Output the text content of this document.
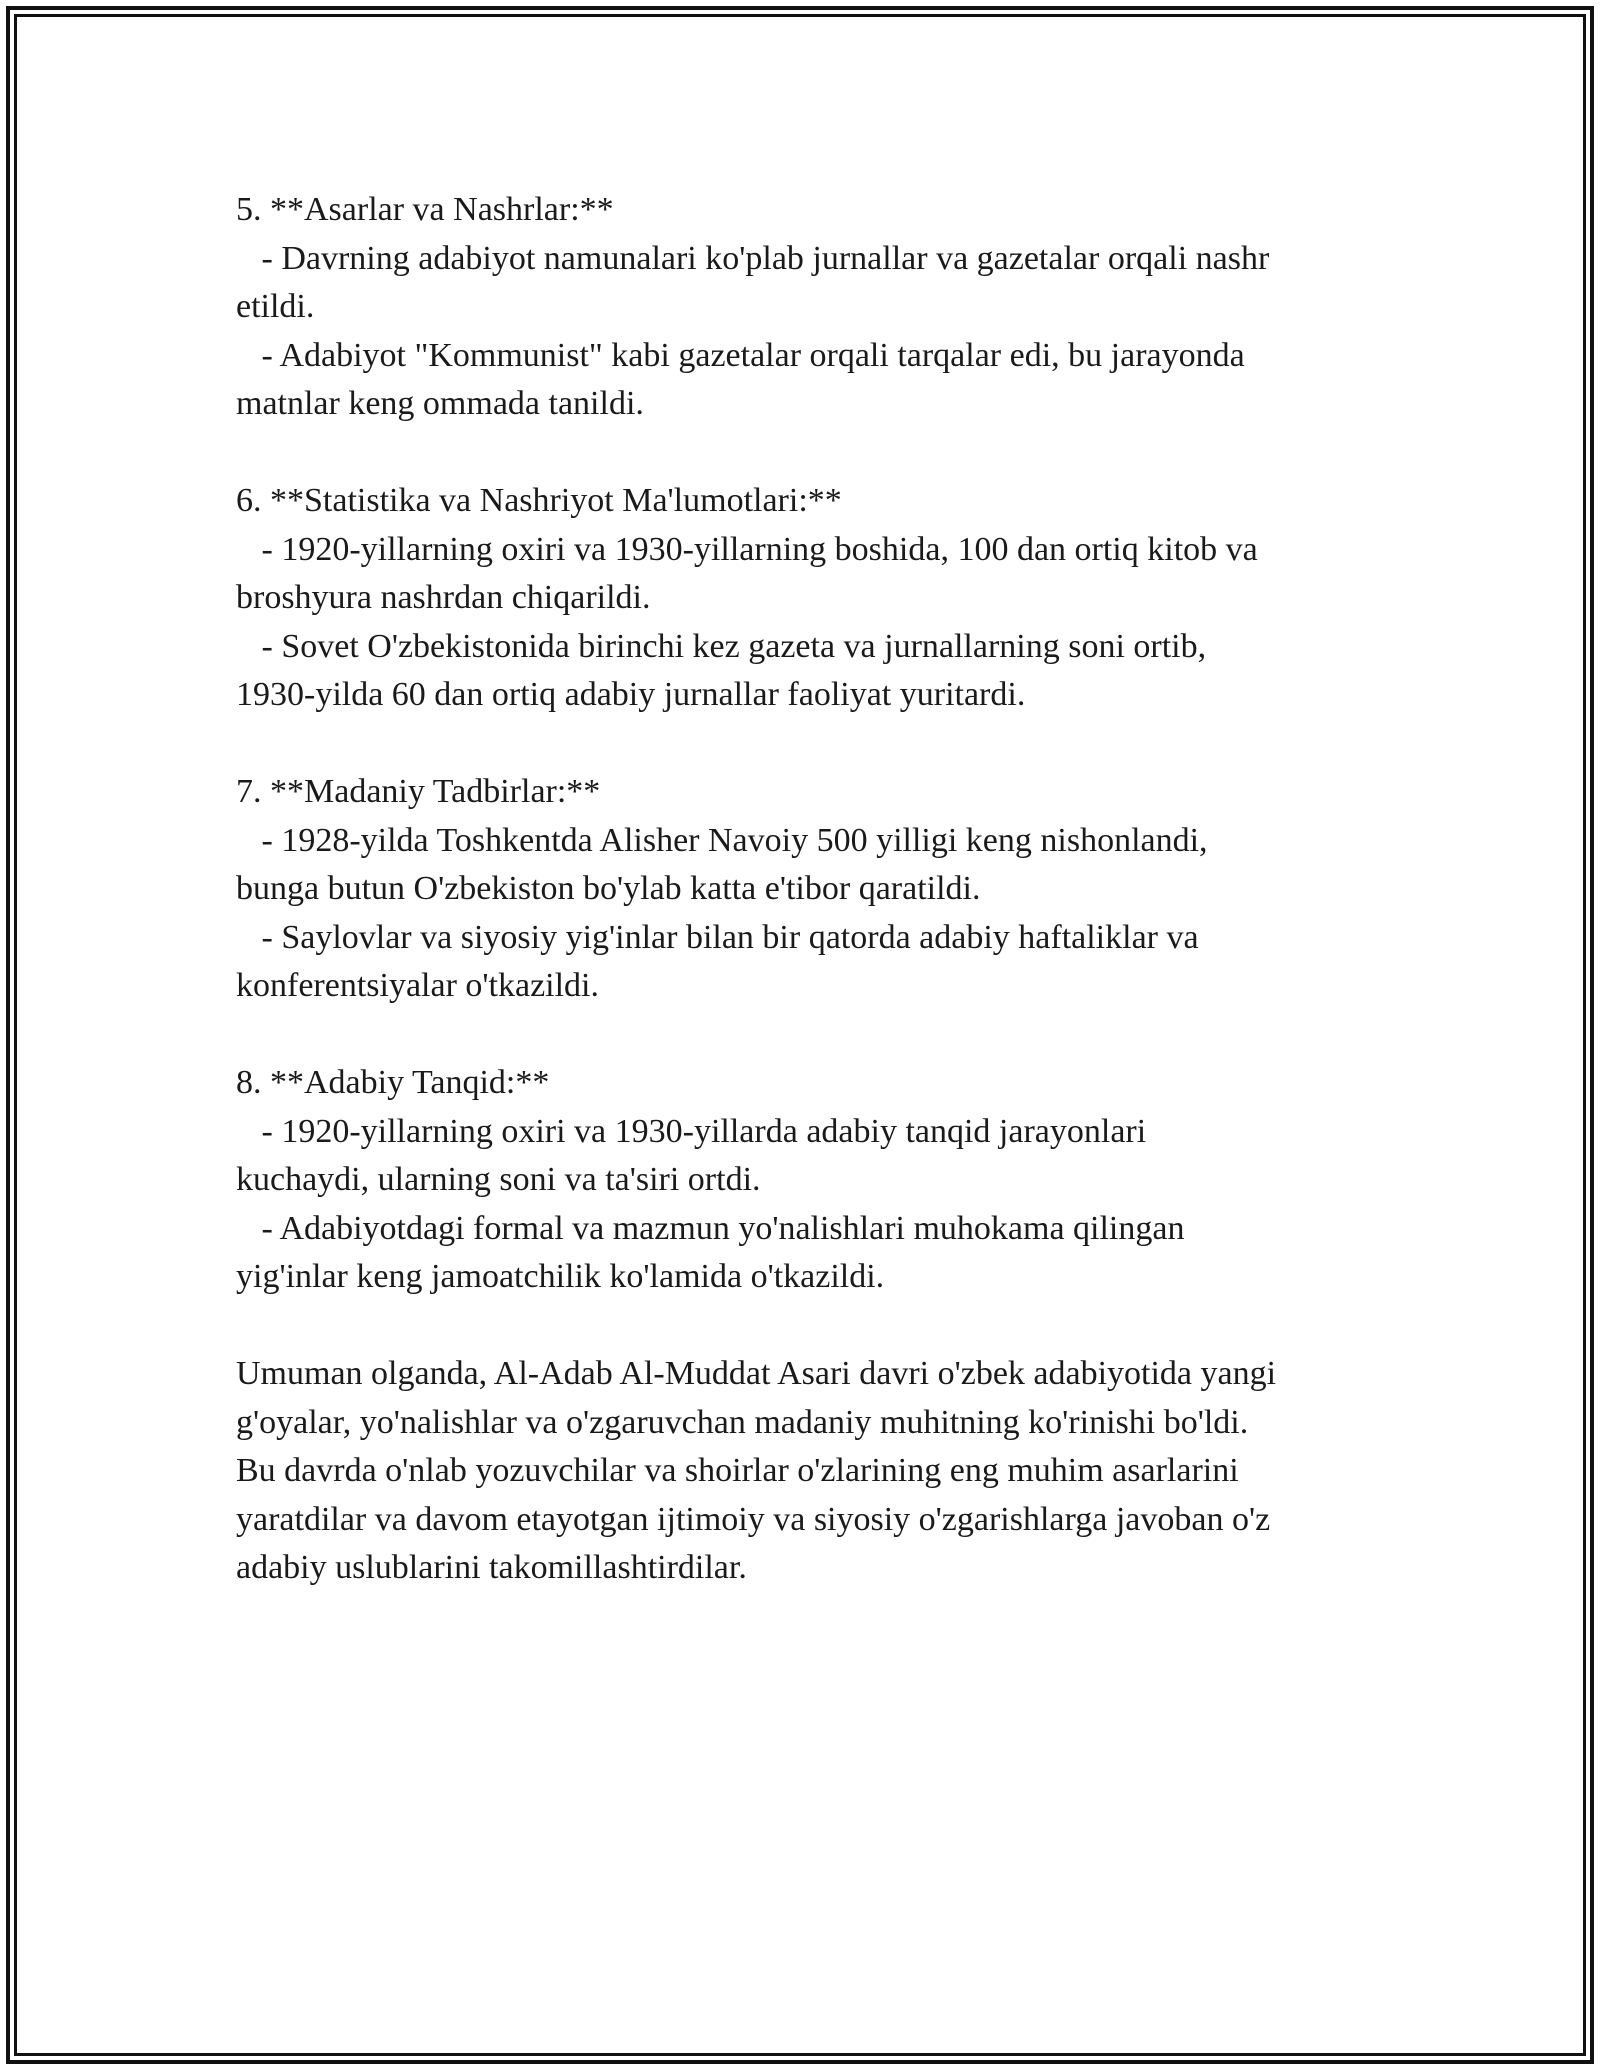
5. **Asarlar va Nashrlar:**
- Davrning adabiyot namunalari ko'plab jurnallar va gazetalar orqali nashr
etildi.
- Adabiyot "Kommunist" kabi gazetalar orqali tarqalar edi, bu jarayonda
matnlar keng ommada tanildi.
6. **Statistika va Nashriyot Ma'lumotlari:**
- 1920-yillarning oxiri va 1930-yillarning boshida, 100 dan ortiq kitob va
broshyura nashrdan chiqarildi.
- Sovet O'zbekistonida birinchi kez gazeta va jurnallarning soni ortib,
1930-yilda 60 dan ortiq adabiy jurnallar faoliyat yuritardi.
7. **Madaniy Tadbirlar:**
- 1928-yilda Toshkentda Alisher Navoiy 500 yilligi keng nishonlandi,
bunga butun O'zbekiston bo'ylab katta e'tibor qaratildi.
- Saylovlar va siyosiy yig'inlar bilan bir qatorda adabiy haftaliklar va
konferentsiyalar o'tkazildi.
8. **Adabiy Tanqid:**
- 1920-yillarning oxiri va 1930-yillarda adabiy tanqid jarayonlari
kuchaydi, ularning soni va ta'siri ortdi.
- Adabiyotdagi formal va mazmun yo'nalishlari muhokama qilingan
yig'inlar keng jamoatchilik ko'lamida o'tkazildi.
Umuman olganda, Al-Adab Al-Muddat Asari davri o'zbek adabiyotida yangi
g'oyalar, yo'nalishlar va o'zgaruvchan madaniy muhitning ko'rinishi bo'ldi.
Bu davrda o'nlab yozuvchilar va shoirlar o'zlarining eng muhim asarlarini
yaratdilar va davom etayotgan ijtimoiy va siyosiy o'zgarishlarga javoban o'z
adabiy uslublarini takomillashtirdilar.
